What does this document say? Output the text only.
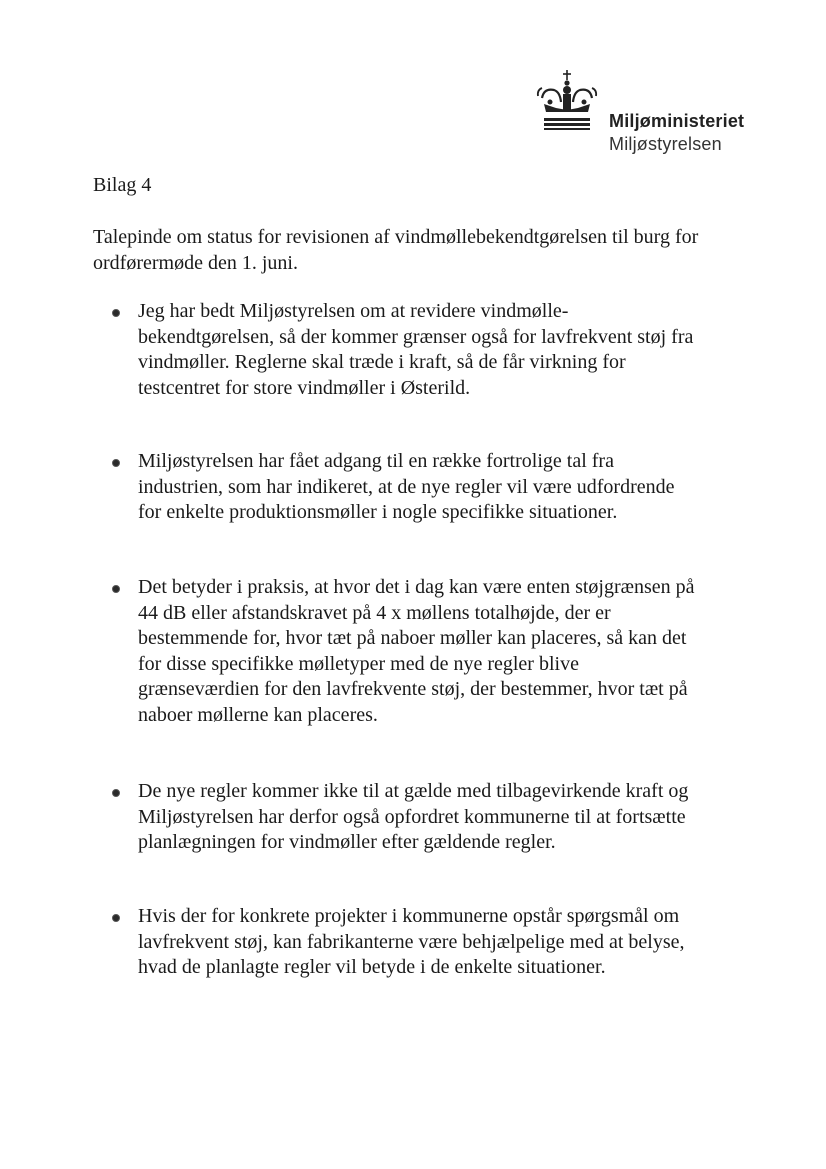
Miljøministeriet
Miljøstyrelsen
Bilag 4
Talepinde om status for revisionen af vindmøllebekendtgørelsen til burg for ordførermøde den 1. juni.
Jeg har bedt Miljøstyrelsen om at revidere vindmølle-bekendtgørelsen, så der kommer grænser også for lavfrekvent støj fra vindmøller. Reglerne skal træde i kraft, så de får virkning for testcentret for store vindmøller i Østerild.
Miljøstyrelsen har fået adgang til en række fortrolige tal fra industrien, som har indikeret, at de nye regler vil være udfordrende for enkelte produktionsmøller i nogle specifikke situationer.
Det betyder i praksis, at hvor det i dag kan være enten støjgrænsen på 44 dB eller afstandskravet på 4 x møllens totalhøjde, der er bestemmende for, hvor tæt på naboer møller kan placeres, så kan det for disse specifikke mølletyper med de nye regler blive grænseværdien for den lavfrekvente støj, der bestemmer, hvor tæt på naboer møllerne kan placeres.
De nye regler kommer ikke til at gælde med tilbagevirkende kraft og Miljøstyrelsen har derfor også opfordret kommunerne til at fortsætte planlægningen for vindmøller efter gældende regler.
Hvis der for konkrete projekter i kommunerne opstår spørgsmål om lavfrekvent støj, kan fabrikanterne være behjælpelige med at belyse, hvad de planlagte regler vil betyde i de enkelte situationer.
